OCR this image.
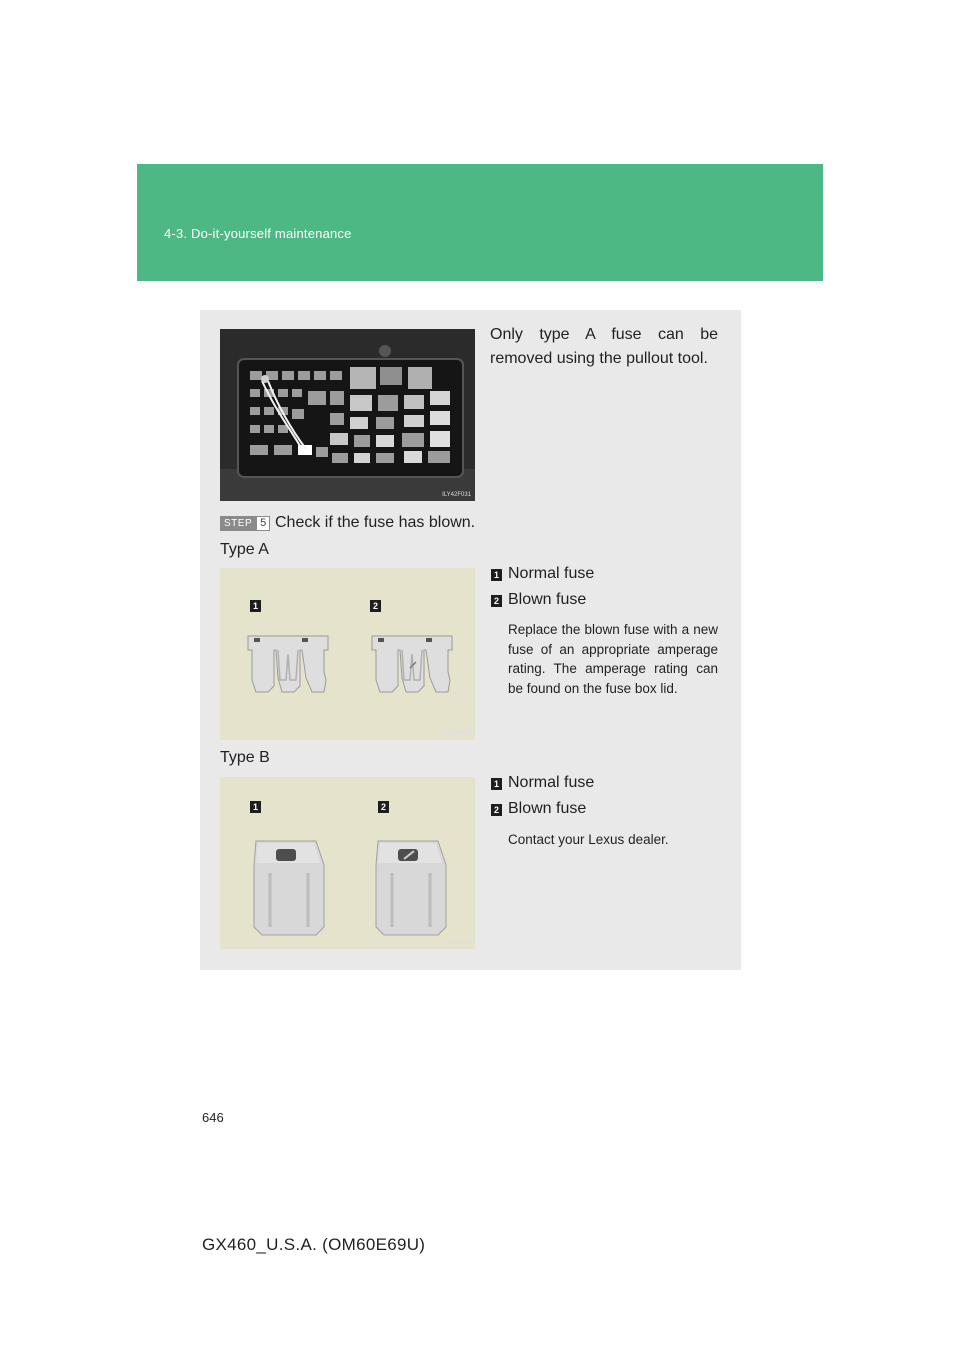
4-3. Do-it-yourself maintenance
ILY42F031
Only type A fuse can be removed using the pullout tool.
STEP 5 Check if the fuse has blown.
Type A
1	2
ILY42F032
1 Normal fuse
2 Blown fuse
Replace the blown fuse with a new fuse of an appropriate amperage rating. The amperage rating can be found on the fuse box lid.
Type B
1	2
ILY42F033
1 Normal fuse
2 Blown fuse
Contact your Lexus dealer.
646
GX460_U.S.A. (OM60E69U)
